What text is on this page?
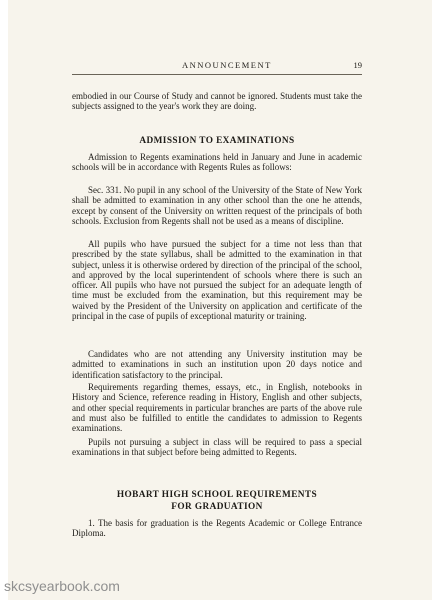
ANNOUNCEMENT	19

embodied in our Course of Study and cannot be ignored. Students must take the subjects assigned to the year's work they are doing.

ADMISSION TO EXAMINATIONS

Admission to Regents examinations held in January and June in academic schools will be in accordance with Regents Rules as follows:

Sec. 331. No pupil in any school of the University of the State of New York shall be admitted to examination in any other school than the one he attends, except by consent of the University on written request of the principals of both schools. Exclusion from Regents shall not be used as a means of discipline.

All pupils who have pursued the subject for a time not less than that prescribed by the state syllabus, shall be admitted to the examination in that subject, unless it is otherwise ordered by direction of the principal of the school, and approved by the local superintendent of schools where there is such an officer. All pupils who have not pursued the subject for an adequate length of time must be excluded from the examination, but this requirement may be waived by the President of the University on application and certificate of the principal in the case of pupils of exceptional maturity or training.

Candidates who are not attending any University institution may be admitted to examinations in such an institution upon 20 days notice and identification satisfactory to the principal.

Requirements regarding themes, essays, etc., in English, notebooks in History and Science, reference reading in History, English and other subjects, and other special requirements in particular branches are parts of the above rule and must also be fulfilled to entitle the candidates to admission to Regents examinations.

Pupils not pursuing a subject in class will be required to pass a special examinations in that subject before being admitted to Regents.

HOBART HIGH SCHOOL REQUIREMENTS
FOR GRADUATION

1. The basis for graduation is the Regents Academic or College Entrance Diploma.

skcsyearbook.com
